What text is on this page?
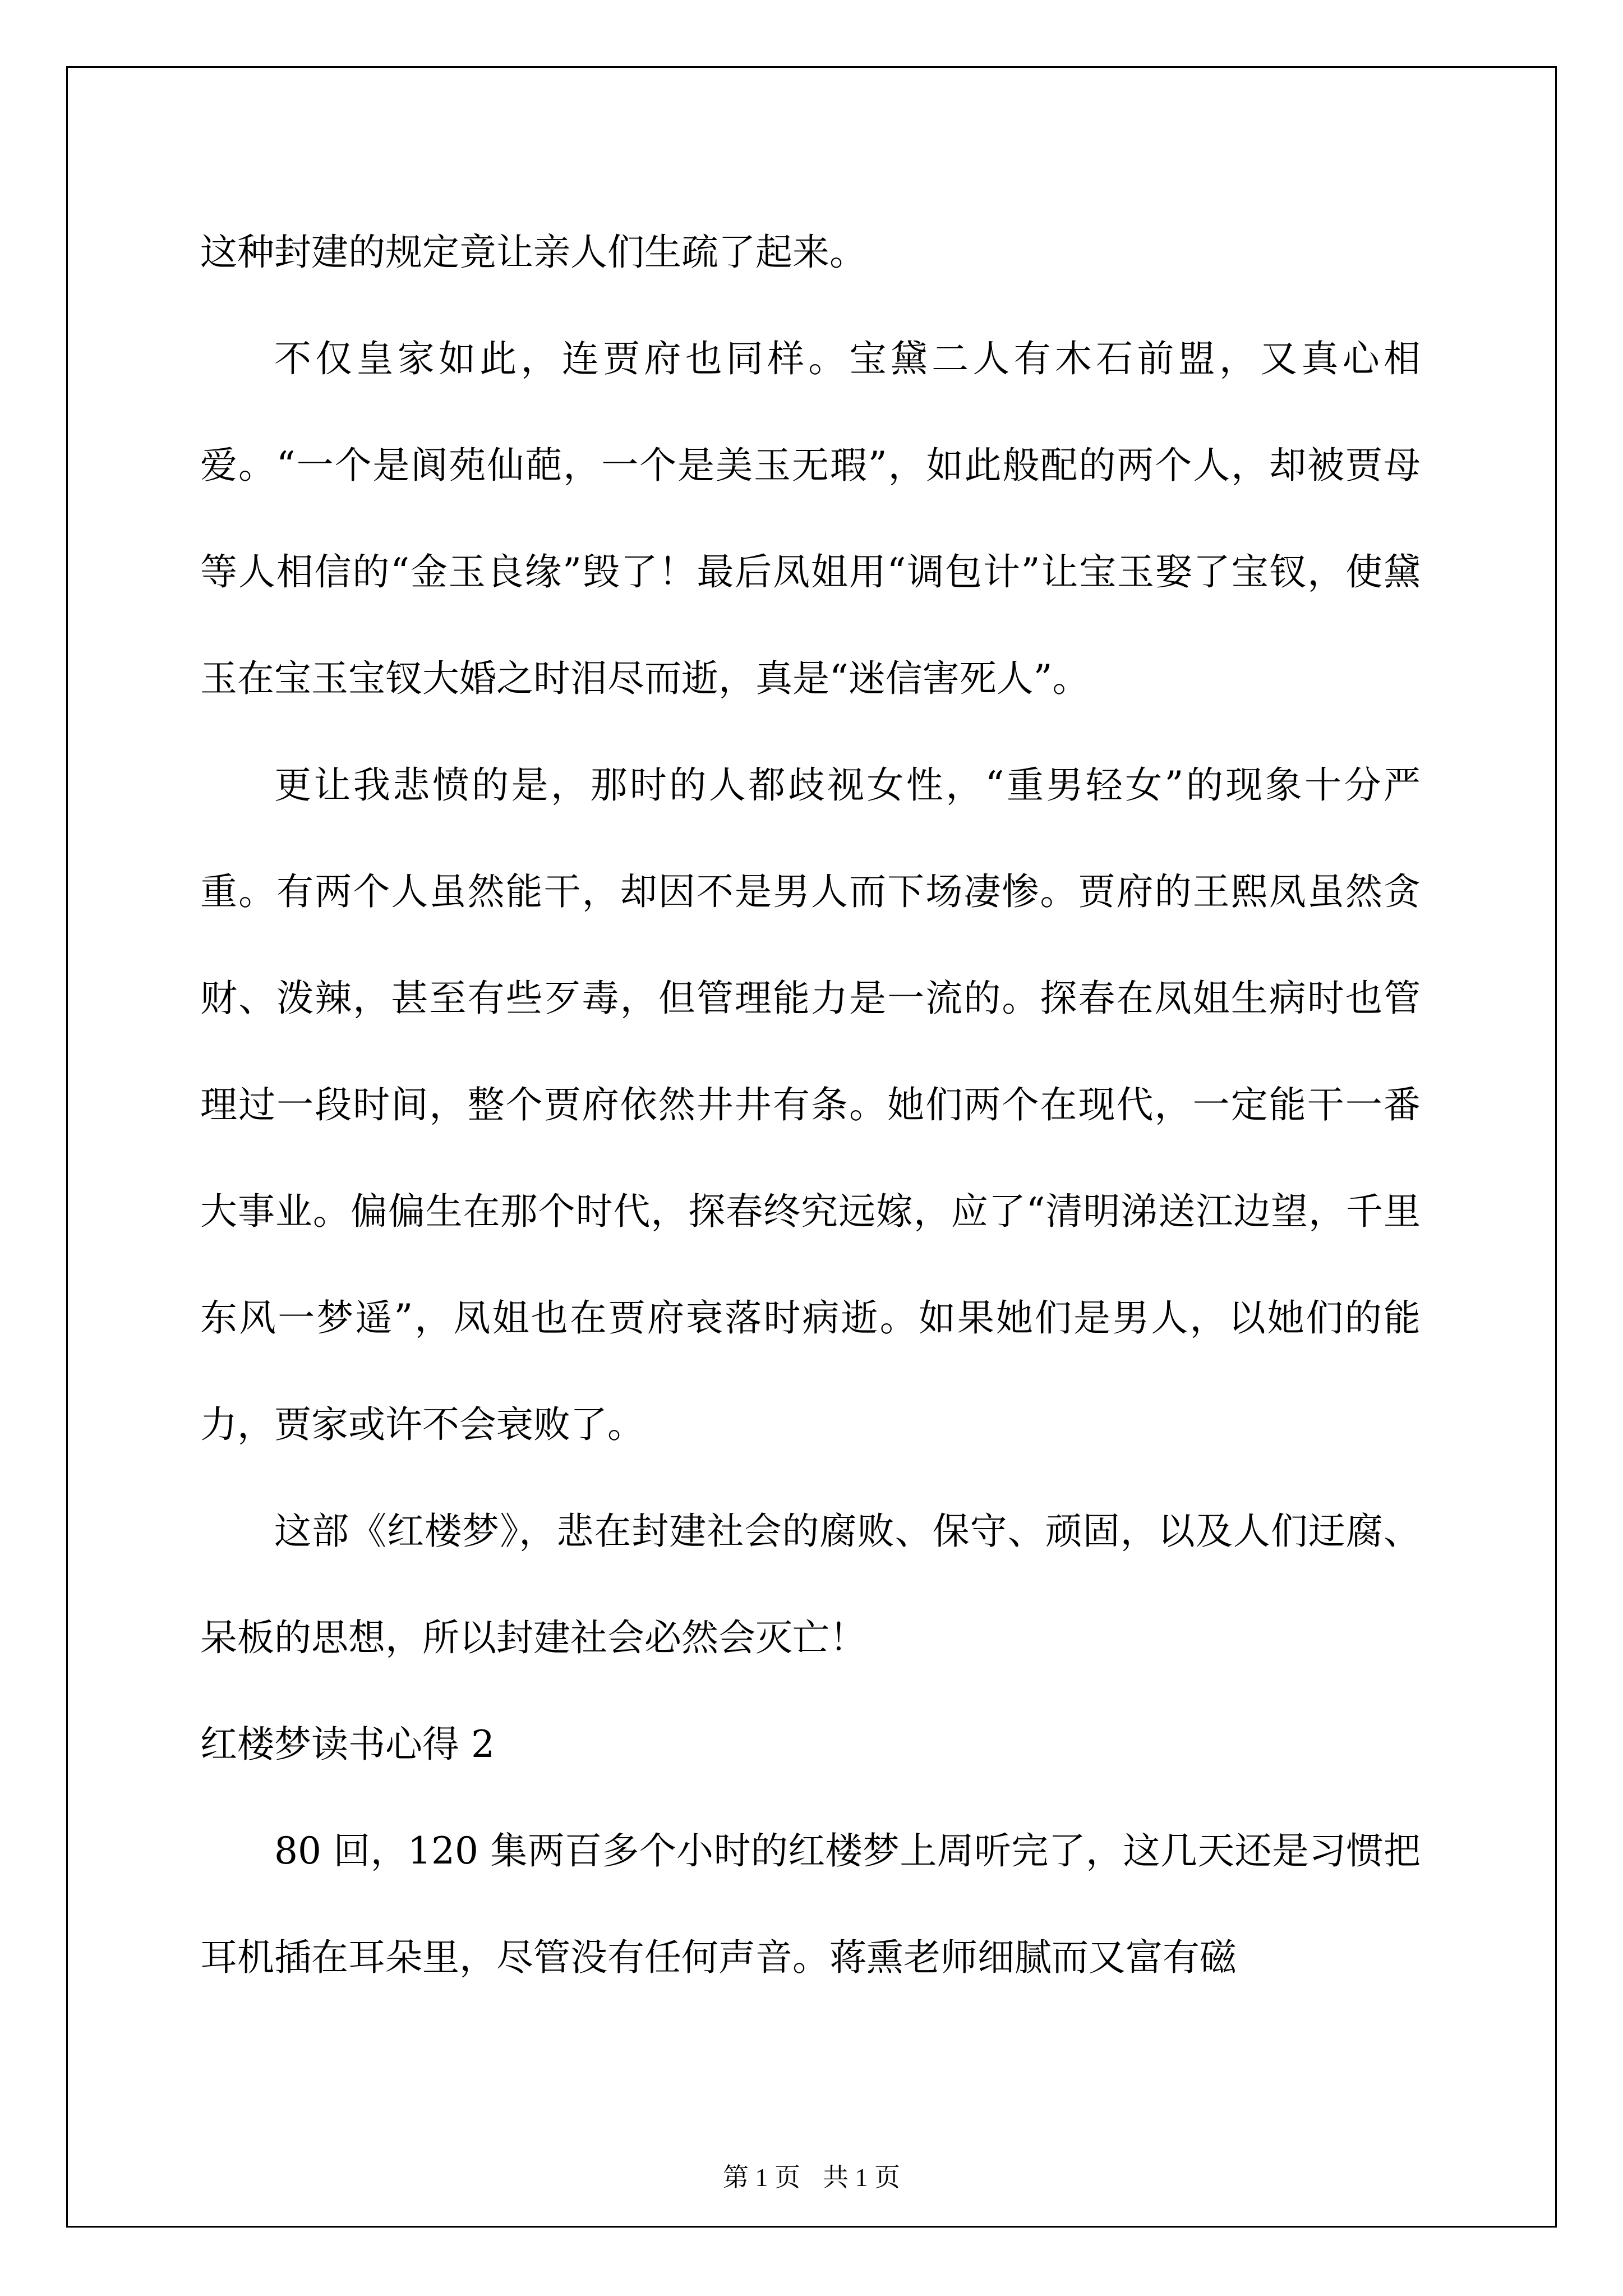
这种封建的规定竟让亲人们生疏了起来。

不仅皇家如此，连贾府也同样。宝黛二人有木石前盟，又真心相爱。“一个是阆苑仙葩，一个是美玉无瑕”，如此般配的两个人，却被贾母等人相信的“金玉良缘”毁了！最后凤姐用“调包计”让宝玉娶了宝钗，使黛玉在宝玉宝钗大婚之时泪尽而逝，真是“迷信害死人”。

更让我悲愤的是，那时的人都歧视女性，“重男轻女”的现象十分严重。有两个人虽然能干，却因不是男人而下场凄惨。贾府的王熙凤虽然贪财、泼辣，甚至有些歹毒，但管理能力是一流的。探春在凤姐生病时也管理过一段时间，整个贾府依然井井有条。她们两个在现代，一定能干一番大事业。偏偏生在那个时代，探春终究远嫁，应了“清明涕送江边望，千里东风一梦遥”，凤姐也在贾府衰落时病逝。如果她们是男人，以她们的能力，贾家或许不会衰败了。

这部《红楼梦》，悲在封建社会的腐败、保守、顽固，以及人们迂腐、呆板的思想，所以封建社会必然会灭亡！

红楼梦读书心得 2

80 回，120 集两百多个小时的红楼梦上周听完了，这几天还是习惯把耳机插在耳朵里，尽管没有任何声音。蒋熏老师细腻而又富有磁

第 1 页 共 1 页
